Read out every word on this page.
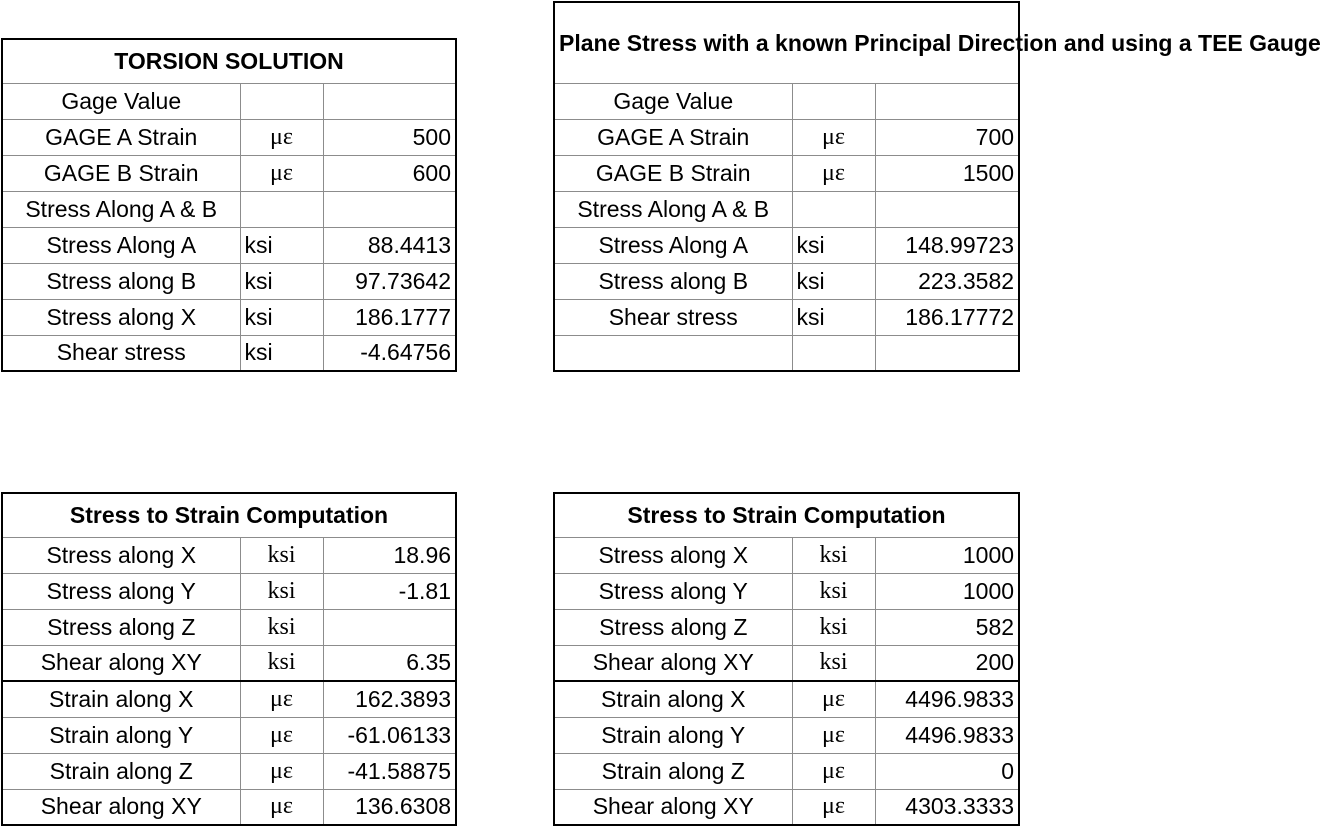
TORSION SOLUTION		
Gage Value		
GAGE A Strain	με	500
GAGE B Strain	με	600
Stress Along A & B		
Stress Along A	ksi	88.4413
Stress along B	ksi	97.73642
Stress along X	ksi	186.1777
Shear stress	ksi	-4.64756
Plane Stress with a known Principal Direction and using a TEE Gauge		
Gage Value		
GAGE A Strain	με	700
GAGE B Strain	με	1500
Stress Along A & B		
Stress Along A	ksi	148.99723
Stress along B	ksi	223.3582
Shear stress	ksi	186.17772

Stress to Strain Computation		
Stress along X	ksi	18.96
Stress along Y	ksi	-1.81
Stress along Z	ksi	
Shear along XY	ksi	6.35
Strain along X	με	162.3893
Strain along Y	με	-61.06133
Strain along Z	με	-41.58875
Shear along XY	με	136.6308
Stress to Strain Computation		
Stress along X	ksi	1000
Stress along Y	ksi	1000
Stress along Z	ksi	582
Shear along XY	ksi	200
Strain along X	με	4496.9833
Strain along Y	με	4496.9833
Strain along Z	με	0
Shear along XY	με	4303.3333
